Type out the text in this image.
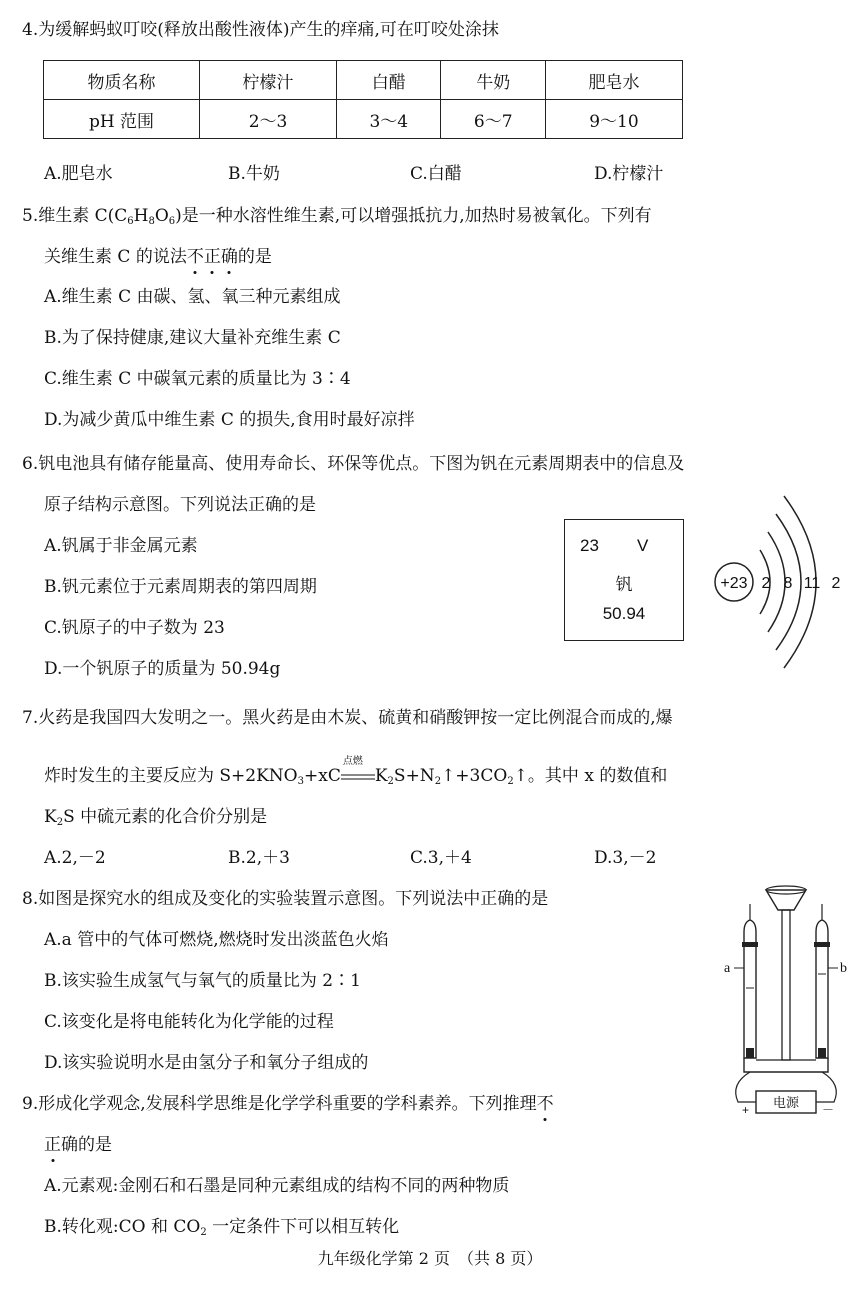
4.为缓解蚂蚁叮咬(释放出酸性液体)产生的痒痛,可在叮咬处涂抹
物质名称	柠檬汁	白醋	牛奶	肥皂水
pH 范围	2～3	3～4	6～7	9～10
A.肥皂水	B.牛奶	C.白醋	D.柠檬汁
5.维生素 $C(C_6H_8O_6)$是一种水溶性维生素,可以增强抵抗力,加热时易被氧化。下列有
关维生素 C 的说法不正确的是
A.维生素 C 由碳、氢、氧三种元素组成
B.为了保持健康,建议大量补充维生素 C
C.维生素 C 中碳氧元素的质量比为 3∶4
D.为减少黄瓜中维生素 C 的损失,食用时最好凉拌
6.钒电池具有储存能量高、使用寿命长、环保等优点。下图为钒在元素周期表中的信息及
原子结构示意图。下列说法正确的是
A.钒属于非金属元素
B.钒元素位于元素周期表的第四周期
C.钒原子的中子数为 23
D.一个钒原子的质量为 50.94g
23 V
钒
50.94
+23 2 8 11 2
7.火药是我国四大发明之一。黑火药是由木炭、硫黄和硝酸钾按一定比例混合而成的,爆
炸时发生的主要反应为 $S+2KNO_3+xC$
点燃
$K_2S+N_2↑+3CO_2↑$。其中 x 的数值和
$K_2S$ 中硫元素的化合价分别是
A.2,－2	B.2,＋3	C.3,＋4	D.3,－2
8.如图是探究水的组成及变化的实验装置示意图。下列说法中正确的是
A.a 管中的气体可燃烧,燃烧时发出淡蓝色火焰
B.该实验生成氢气与氧气的质量比为 2∶1
C.该变化是将电能转化为化学能的过程
D.该实验说明水是由氢分子和氧分子组成的
a	b
电源
+	－
9.形成化学观念,发展科学思维是化学学科重要的学科素养。下列推理不
正确的是
A.元素观:金刚石和石墨是同种元素组成的结构不同的两种物质
B.转化观:CO 和 $CO_2$ 一定条件下可以相互转化
九年级化学第 2 页　（共 8 页）
